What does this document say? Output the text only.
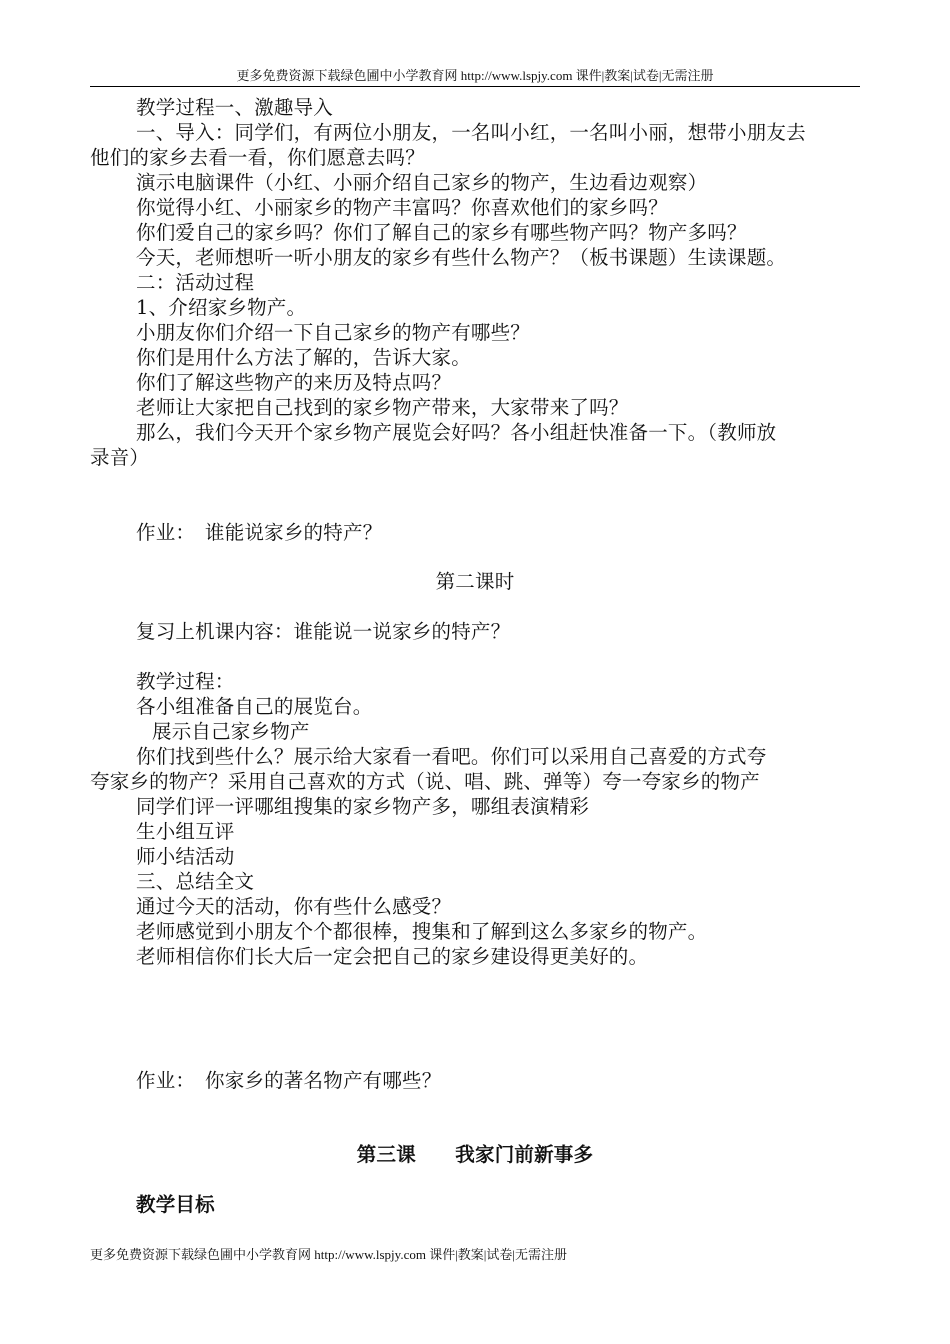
更多免费资源下载绿色圃中小学教育网 http://www.lspjy.com 课件|教案|试卷|无需注册
教学过程一、激趣导入
一、导入：同学们，有两位小朋友，一名叫小红，一名叫小丽，想带小朋友去
他们的家乡去看一看，你们愿意去吗？
演示电脑课件（小红、小丽介绍自己家乡的物产，生边看边观察）
你觉得小红、小丽家乡的物产丰富吗？你喜欢他们的家乡吗？
你们爱自己的家乡吗？你们了解自己的家乡有哪些物产吗？物产多吗？
今天，老师想听一听小朋友的家乡有些什么物产？（板书课题）生读课题。
二：活动过程
1、介绍家乡物产。
小朋友你们介绍一下自己家乡的物产有哪些？
你们是用什么方法了解的，告诉大家。
你们了解这些物产的来历及特点吗？
老师让大家把自己找到的家乡物产带来，大家带来了吗？
那么，我们今天开个家乡物产展览会好吗？各小组赶快准备一下。（教师放
录音）
作业：　谁能说家乡的特产？
第二课时
复习上机课内容：谁能说一说家乡的特产？
教学过程：
各小组准备自己的展览台。
展示自己家乡物产
你们找到些什么？展示给大家看一看吧。你们可以采用自己喜爱的方式夸
夸家乡的物产？采用自己喜欢的方式（说、唱、跳、弹等）夸一夸家乡的物产
同学们评一评哪组搜集的家乡物产多，哪组表演精彩
生小组互评
师小结活动
三、总结全文
通过今天的活动，你有些什么感受？
老师感觉到小朋友个个都很棒，搜集和了解到这么多家乡的物产。
老师相信你们长大后一定会把自己的家乡建设得更美好的。
作业：　你家乡的著名物产有哪些？
第三课　　我家门前新事多
教学目标
更多免费资源下载绿色圃中小学教育网 http://www.lspjy.com 课件|教案|试卷|无需注册
